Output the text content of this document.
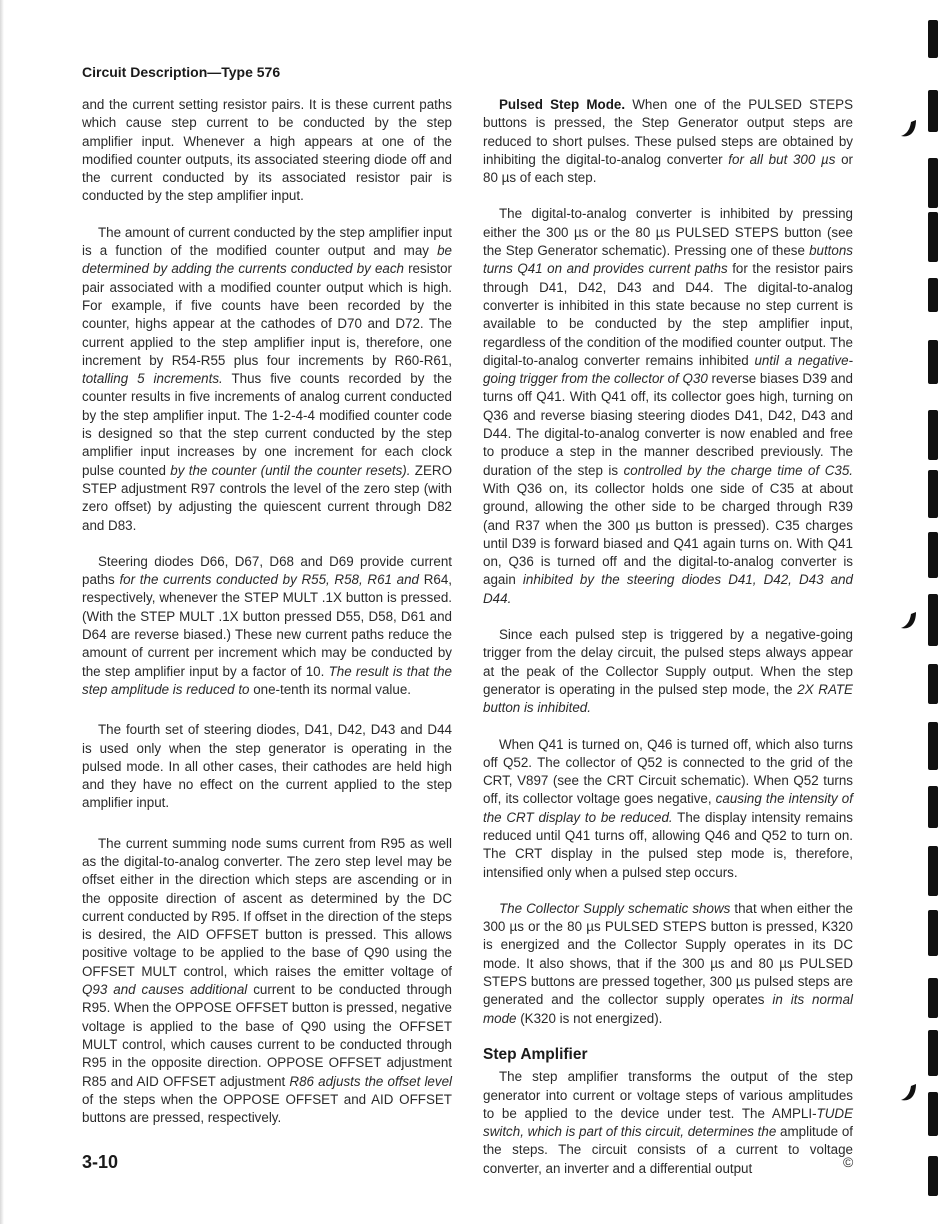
Circuit Description—Type 576

and the current setting resistor pairs. It is these current paths which cause step current to be conducted by the step amplifier input. Whenever a high appears at one of the modified counter outputs, its associated steering diode off and the current conducted by its associated resistor pair is conducted by the step amplifier input.

The amount of current conducted by the step amplifier input is a function of the modified counter output and may be determined by adding the currents conducted by each resistor pair associated with a modified counter output which is high. For example, if five counts have been recorded by the counter, highs appear at the cathodes of D70 and D72. The current applied to the step amplifier input is, therefore, one increment by R54-R55 plus four increments by R60-R61, totalling 5 increments. Thus five counts recorded by the counter results in five increments of analog current conducted by the step amplifier input. The 1-2-4-4 modified counter code is designed so that the step current conducted by the step amplifier input increases by one increment for each clock pulse counted by the counter (until the counter resets). ZERO STEP adjustment R97 controls the level of the zero step (with zero offset) by adjusting the quiescent current through D82 and D83.

Steering diodes D66, D67, D68 and D69 provide current paths for the currents conducted by R55, R58, R61 and R64, respectively, whenever the STEP MULT .1X button is pressed. (With the STEP MULT .1X button pressed D55, D58, D61 and D64 are reverse biased.) These new current paths reduce the amount of current per increment which may be conducted by the step amplifier input by a factor of 10. The result is that the step amplitude is reduced to one-tenth its normal value.

The fourth set of steering diodes, D41, D42, D43 and D44 is used only when the step generator is operating in the pulsed mode. In all other cases, their cathodes are held high and they have no effect on the current applied to the step amplifier input.

The current summing node sums current from R95 as well as the digital-to-analog converter. The zero step level may be offset either in the direction which steps are ascending or in the opposite direction of ascent as determined by the DC current conducted by R95. If offset in the direction of the steps is desired, the AID OFFSET button is pressed. This allows positive voltage to be applied to the base of Q90 using the OFFSET MULT control, which raises the emitter voltage of Q93 and causes additional current to be conducted through R95. When the OPPOSE OFFSET button is pressed, negative voltage is applied to the base of Q90 using the OFFSET MULT control, which causes current to be conducted through R95 in the opposite direction. OPPOSE OFFSET adjustment R85 and AID OFFSET adjustment R86 adjusts the offset level of the steps when the OPPOSE OFFSET and AID OFFSET buttons are pressed, respectively.

Pulsed Step Mode. When one of the PULSED STEPS buttons is pressed, the Step Generator output steps are reduced to short pulses. These pulsed steps are obtained by inhibiting the digital-to-analog converter for all but 300 µs or 80 µs of each step.

The digital-to-analog converter is inhibited by pressing either the 300 µs or the 80 µs PULSED STEPS button (see the Step Generator schematic). Pressing one of these buttons turns Q41 on and provides current paths for the resistor pairs through D41, D42, D43 and D44. The digital-to-analog converter is inhibited in this state because no step current is available to be conducted by the step amplifier input, regardless of the condition of the modified counter output. The digital-to-analog converter remains inhibited until a negative-going trigger from the collector of Q30 reverse biases D39 and turns off Q41. With Q41 off, its collector goes high, turning on Q36 and reverse biasing steering diodes D41, D42, D43 and D44. The digital-to-analog converter is now enabled and free to produce a step in the manner described previously. The duration of the step is controlled by the charge time of C35. With Q36 on, its collector holds one side of C35 at about ground, allowing the other side to be charged through R39 (and R37 when the 300 µs button is pressed). C35 charges until D39 is forward biased and Q41 again turns on. With Q41 on, Q36 is turned off and the digital-to-analog converter is again inhibited by the steering diodes D41, D42, D43 and D44.

Since each pulsed step is triggered by a negative-going trigger from the delay circuit, the pulsed steps always appear at the peak of the Collector Supply output. When the step generator is operating in the pulsed step mode, the 2X RATE button is inhibited.

When Q41 is turned on, Q46 is turned off, which also turns off Q52. The collector of Q52 is connected to the grid of the CRT, V897 (see the CRT Circuit schematic). When Q52 turns off, its collector voltage goes negative, causing the intensity of the CRT display to be reduced. The display intensity remains reduced until Q41 turns off, allowing Q46 and Q52 to turn on. The CRT display in the pulsed step mode is, therefore, intensified only when a pulsed step occurs.

The Collector Supply schematic shows that when either the 300 µs or the 80 µs PULSED STEPS button is pressed, K320 is energized and the Collector Supply operates in its DC mode. It also shows, that if the 300 µs and 80 µs PULSED STEPS buttons are pressed together, 300 µs pulsed steps are generated and the collector supply operates in its normal mode (K320 is not energized).

Step Amplifier

The step amplifier transforms the output of the step generator into current or voltage steps of various amplitudes to be applied to the device under test. The AMPLI-TUDE switch, which is part of this circuit, determines the amplitude of the steps. The circuit consists of a current to voltage converter, an inverter and a differential output

3-10	©
